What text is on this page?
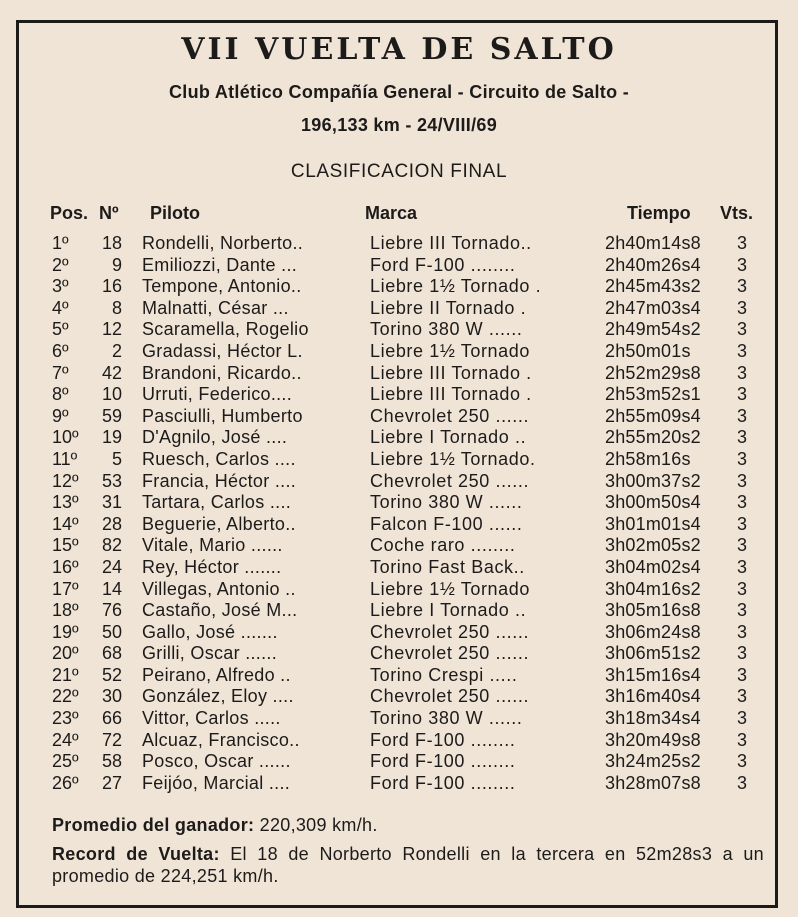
VII VUELTA DE SALTO
Club Atlético Compañía General - Circuito de Salto -
196,133 km - 24/VIII/69
CLASIFICACION FINAL
Pos. Nº Piloto	Marca	Tiempo Vts.
1º	18 Rondelli, Norberto..	Liebre III Tornado..	2h40m14s8 3
2º	9 Emiliozzi, Dante ...	Ford F-100 ........	2h40m26s4 3
3º	16 Tempone, Antonio..	Liebre 1½ Tornado .	2h45m43s2 3
4º	8 Malnatti, César ...	Liebre II Tornado .	2h47m03s4 3
5º	12 Scaramella, Rogelio	Torino 380 W ......	2h49m54s2 3
6º	2 Gradassi, Héctor L.	Liebre 1½ Tornado	2h50m01s	3
7º	42 Brandoni, Ricardo..	Liebre III Tornado .	2h52m29s8 3
8º	10 Urruti, Federico....	Liebre III Tornado .	2h53m52s1 3
9º	59 Pasciulli, Humberto	Chevrolet 250 ......	2h55m09s4 3
10º	19 D'Agnilo, José ....	Liebre I Tornado ..	2h55m20s2 3
11º	5 Ruesch, Carlos ....	Liebre 1½ Tornado.	2h58m16s	3
12º	53 Francia, Héctor ....	Chevrolet 250 ......	3h00m37s2 3
13º	31 Tartara, Carlos ....	Torino 380 W ......	3h00m50s4 3
14º	28 Beguerie, Alberto..	Falcon F-100 ......	3h01m01s4 3
15º	82 Vitale, Mario ......	Coche raro ........	3h02m05s2 3
16º	24 Rey, Héctor .......	Torino Fast Back..	3h04m02s4 3
17º	14 Villegas, Antonio ..	Liebre 1½ Tornado	3h04m16s2 3
18º	76 Castaño, José M...	Liebre I Tornado ..	3h05m16s8 3
19º	50 Gallo, José .......	Chevrolet 250 ......	3h06m24s8 3
20º	68 Grilli, Oscar ......	Chevrolet 250 ......	3h06m51s2 3
21º	52 Peirano, Alfredo ..	Torino Crespi .....	3h15m16s4 3
22º	30 González, Eloy ....	Chevrolet 250 ......	3h16m40s4 3
23º	66 Vittor, Carlos .....	Torino 380 W ......	3h18m34s4 3
24º	72 Alcuaz, Francisco..	Ford F-100 ........	3h20m49s8 3
25º	58 Posco, Oscar ......	Ford F-100 ........	3h24m25s2 3
26º	27 Feijóo, Marcial ....	Ford F-100 ........	3h28m07s8 3
Promedio del ganador: 220,309 km/h.
Record de Vuelta: El 18 de Norberto Rondelli en la tercera en 52m28s3 a un promedio de 224,251 km/h.
